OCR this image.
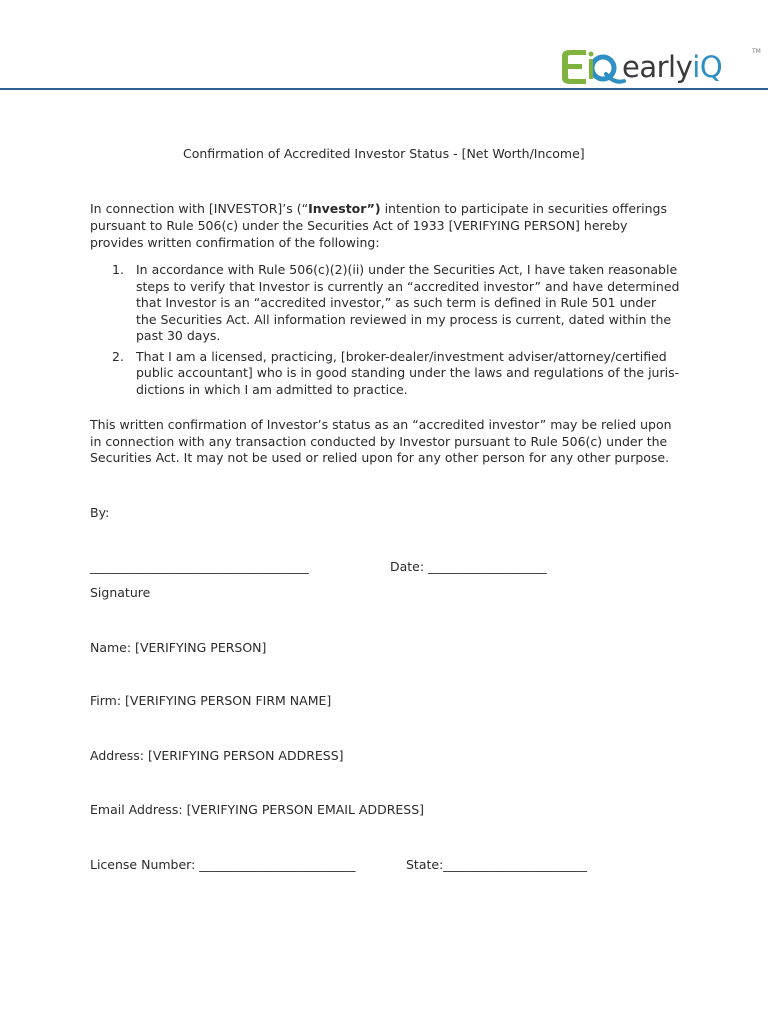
earlyiQ	TM
Confirmation of Accredited Investor Status - [Net Worth/Income]
In connection with [INVESTOR]’s (“Investor”) intention to participate in securities offerings pursuant to Rule 506(c) under the Securities Act of 1933 [VERIFYING PERSON] hereby provides written confirmation of the following:
1. In accordance with Rule 506(c)(2)(ii) under the Securities Act, I have taken reasonable steps to verify that Investor is currently an “accredited investor” and have determined that Investor is an “accredited investor,” as such term is defined in Rule 501 under the Securities Act. All information reviewed in my process is current, dated within the past 30 days.
2. That I am a licensed, practicing, [broker-dealer/investment adviser/attorney/certified public accountant] who is in good standing under the laws and regulations of the juris-dictions in which I am admitted to practice.
This written confirmation of Investor’s status as an “accredited investor” may be relied upon in connection with any transaction conducted by Investor pursuant to Rule 506(c) under the Securities Act. It may not be used or relied upon for any other person for any other purpose.
By:
___________________________________	Date: ___________________
Signature
Name: [VERIFYING PERSON]
Firm: [VERIFYING PERSON FIRM NAME]
Address: [VERIFYING PERSON ADDRESS]
Email Address: [VERIFYING PERSON EMAIL ADDRESS]
License Number: _________________________	State:_______________________
